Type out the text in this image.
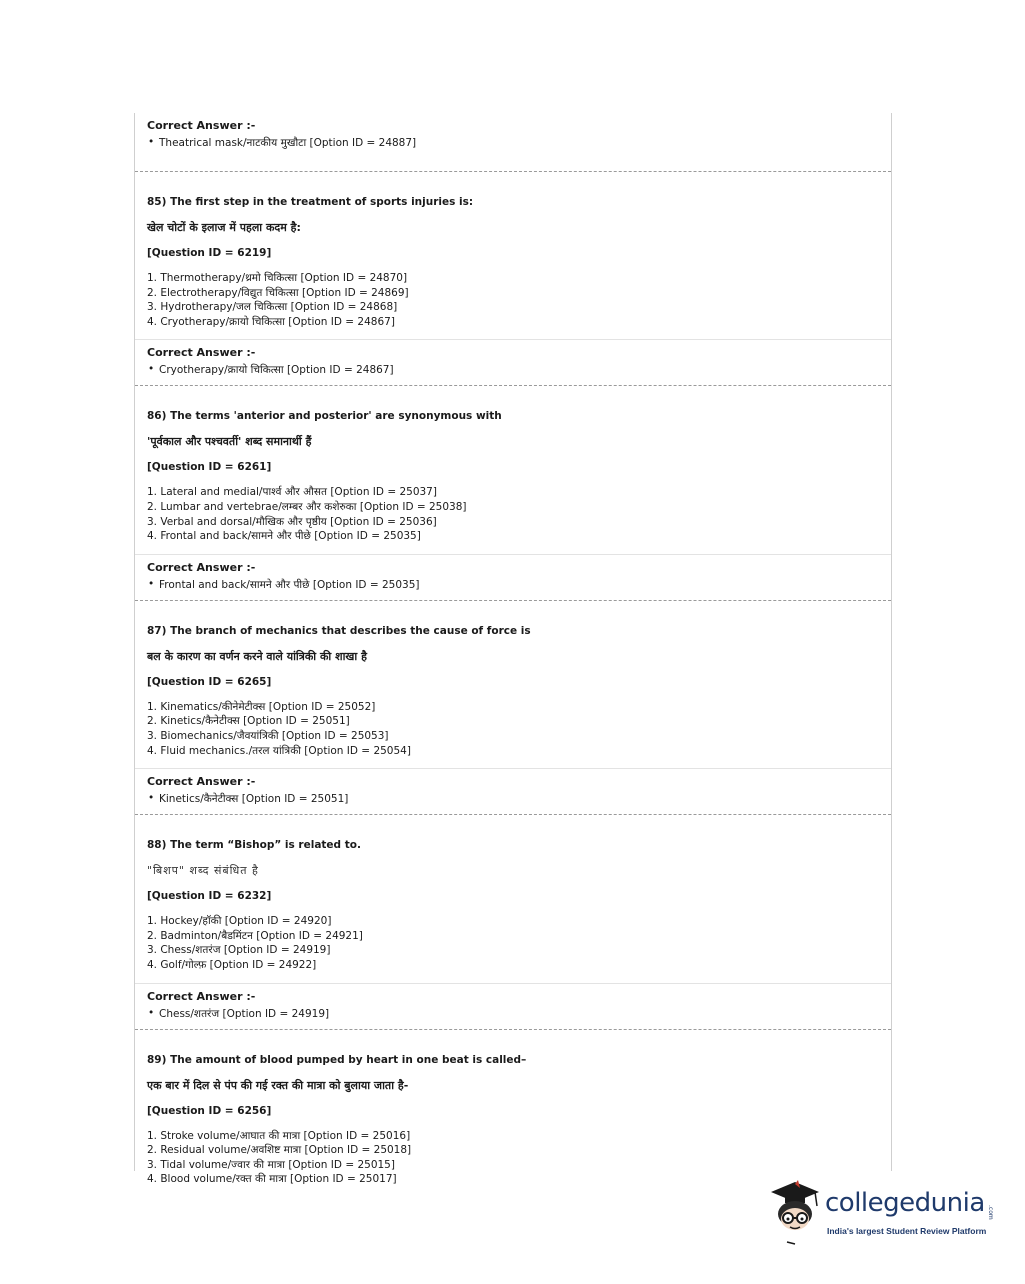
Correct Answer :-

• Theatrical mask/नाटकीय मुखौटा [Option ID = 24887]

85) The first step in the treatment of sports injuries is:

खेल चोटों के इलाज में पहला कदम है:

[Question ID = 6219]

1. Thermotherapy/थ्रमो चिकित्सा [Option ID = 24870]
2. Electrotherapy/विद्युत चिकित्सा [Option ID = 24869]
3. Hydrotherapy/जल चिकित्सा [Option ID = 24868]
4. Cryotherapy/क्रायो चिकित्सा [Option ID = 24867]

Correct Answer :-

• Cryotherapy/क्रायो चिकित्सा [Option ID = 24867]

86) The terms 'anterior and posterior' are synonymous with

'पूर्वकाल और पश्चवर्ती' शब्द समानार्थी हैं

[Question ID = 6261]

1. Lateral and medial/पार्श्व और औसत [Option ID = 25037]
2. Lumbar and vertebrae/लम्बर और कशेरुका [Option ID = 25038]
3. Verbal and dorsal/मौखिक और पृष्ठीय [Option ID = 25036]
4. Frontal and back/सामने और पीछे [Option ID = 25035]

Correct Answer :-

• Frontal and back/सामने और पीछे [Option ID = 25035]

87) The branch of mechanics that describes the cause of force is

बल के कारण का वर्णन करने वाले यांत्रिकी की शाखा है

[Question ID = 6265]

1. Kinematics/कीनेमेटीक्स [Option ID = 25052]
2. Kinetics/कैनेटीक्स [Option ID = 25051]
3. Biomechanics/जैवयांत्रिकी [Option ID = 25053]
4. Fluid mechanics./तरल यांत्रिकी [Option ID = 25054]

Correct Answer :-

• Kinetics/कैनेटीक्स [Option ID = 25051]

88) The term “Bishop” is related to.

"बिशप" शब्द संबंधित है

[Question ID = 6232]

1. Hockey/हॉकी [Option ID = 24920]
2. Badminton/बैडमिंटन [Option ID = 24921]
3. Chess/शतरंज [Option ID = 24919]
4. Golf/गोल्फ़ [Option ID = 24922]

Correct Answer :-

• Chess/शतरंज [Option ID = 24919]

89) The amount of blood pumped by heart in one beat is called–

एक बार में दिल से पंप की गई रक्त की मात्रा को बुलाया जाता है-

[Question ID = 6256]

1. Stroke volume/आघात की मात्रा [Option ID = 25016]
2. Residual volume/अवशिष्ट मात्रा [Option ID = 25018]
3. Tidal volume/ज्वार की मात्रा [Option ID = 25015]
4. Blood volume/रक्त की मात्रा [Option ID = 25017]
collegedunia .com
India's largest Student Review Platform
